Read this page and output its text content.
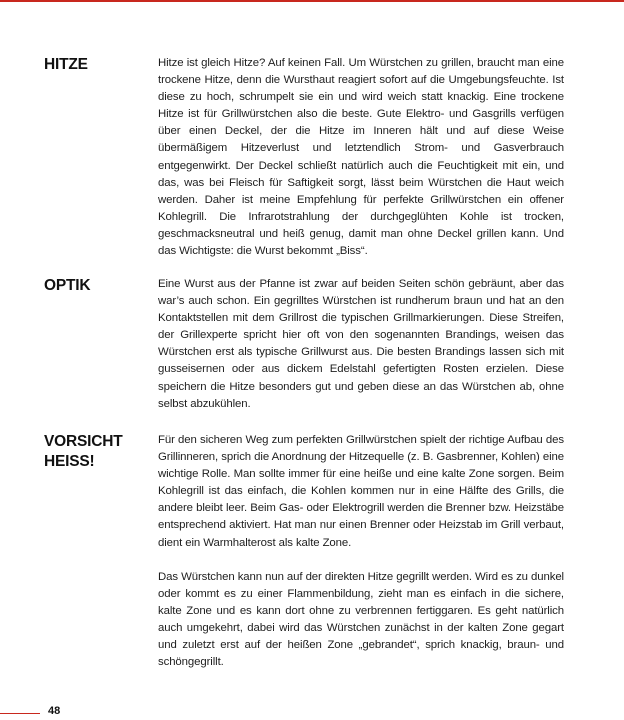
HITZE	Hitze ist gleich Hitze? Auf keinen Fall. Um Würstchen zu grillen, braucht man eine trockene Hitze, denn die Wursthaut reagiert sofort auf die Umgebungsfeuchte. Ist diese zu hoch, schrumpelt sie ein und wird weich statt knackig. Eine trockene Hitze ist für Grillwürstchen also die beste. Gute Elektro- und Gasgrills verfügen über einen Deckel, der die Hitze im Inneren hält und auf diese Weise übermäßigem Hitzeverlust und letztendlich Strom- und Gasverbrauch entgegenwirkt. Der Deckel schließt natürlich auch die Feuchtigkeit mit ein, und das, was bei Fleisch für Saftigkeit sorgt, lässt beim Würstchen die Haut weich werden. Daher ist meine Empfehlung für perfekte Grillwürstchen ein offener Kohlegrill. Die Infrarotstrahlung der durchgeglühten Kohle ist trocken, geschmacksneutral und heiß genug, damit man ohne Deckel grillen kann. Und das Wichtigste: die Wurst bekommt „Biss“.

OPTIK	Eine Wurst aus der Pfanne ist zwar auf beiden Seiten schön gebräunt, aber das war’s auch schon. Ein gegrilltes Würstchen ist rundherum braun und hat an den Kontaktstellen mit dem Grillrost die typischen Grillmarkierungen. Diese Streifen, der Grillexperte spricht hier oft von den sogenannten Brandings, weisen das Würstchen erst als typische Grillwurst aus. Die besten Brandings lassen sich mit gusseisernen oder aus dickem Edelstahl gefertigten Rosten erzielen. Diese speichern die Hitze besonders gut und geben diese an das Würstchen ab, ohne selbst abzukühlen.

VORSICHT
HEISS!

Für den sicheren Weg zum perfekten Grillwürstchen spielt der richtige Aufbau des Grillinneren, sprich die Anordnung der Hitzequelle (z. B. Gasbrenner, Kohlen) eine wichtige Rolle. Man sollte immer für eine heiße und eine kalte Zone sorgen. Beim Kohlegrill ist das einfach, die Kohlen kommen nur in eine Hälfte des Grills, die andere bleibt leer. Beim Gas- oder Elektrogrill werden die Brenner bzw. Heizstäbe entsprechend aktiviert. Hat man nur einen Brenner oder Heizstab im Grill verbaut, dient ein Warmhalterost als kalte Zone.

Das Würstchen kann nun auf der direkten Hitze gegrillt werden. Wird es zu dunkel oder kommt es zu einer Flammenbildung, zieht man es einfach in die sichere, kalte Zone und es kann dort ohne zu verbrennen fertiggaren. Es geht natürlich auch umgekehrt, dabei wird das Würstchen zunächst in der kalten Zone gegart und zuletzt erst auf der heißen Zone „gebrandet“, sprich knackig, braun- und schöngegrillt.

48
